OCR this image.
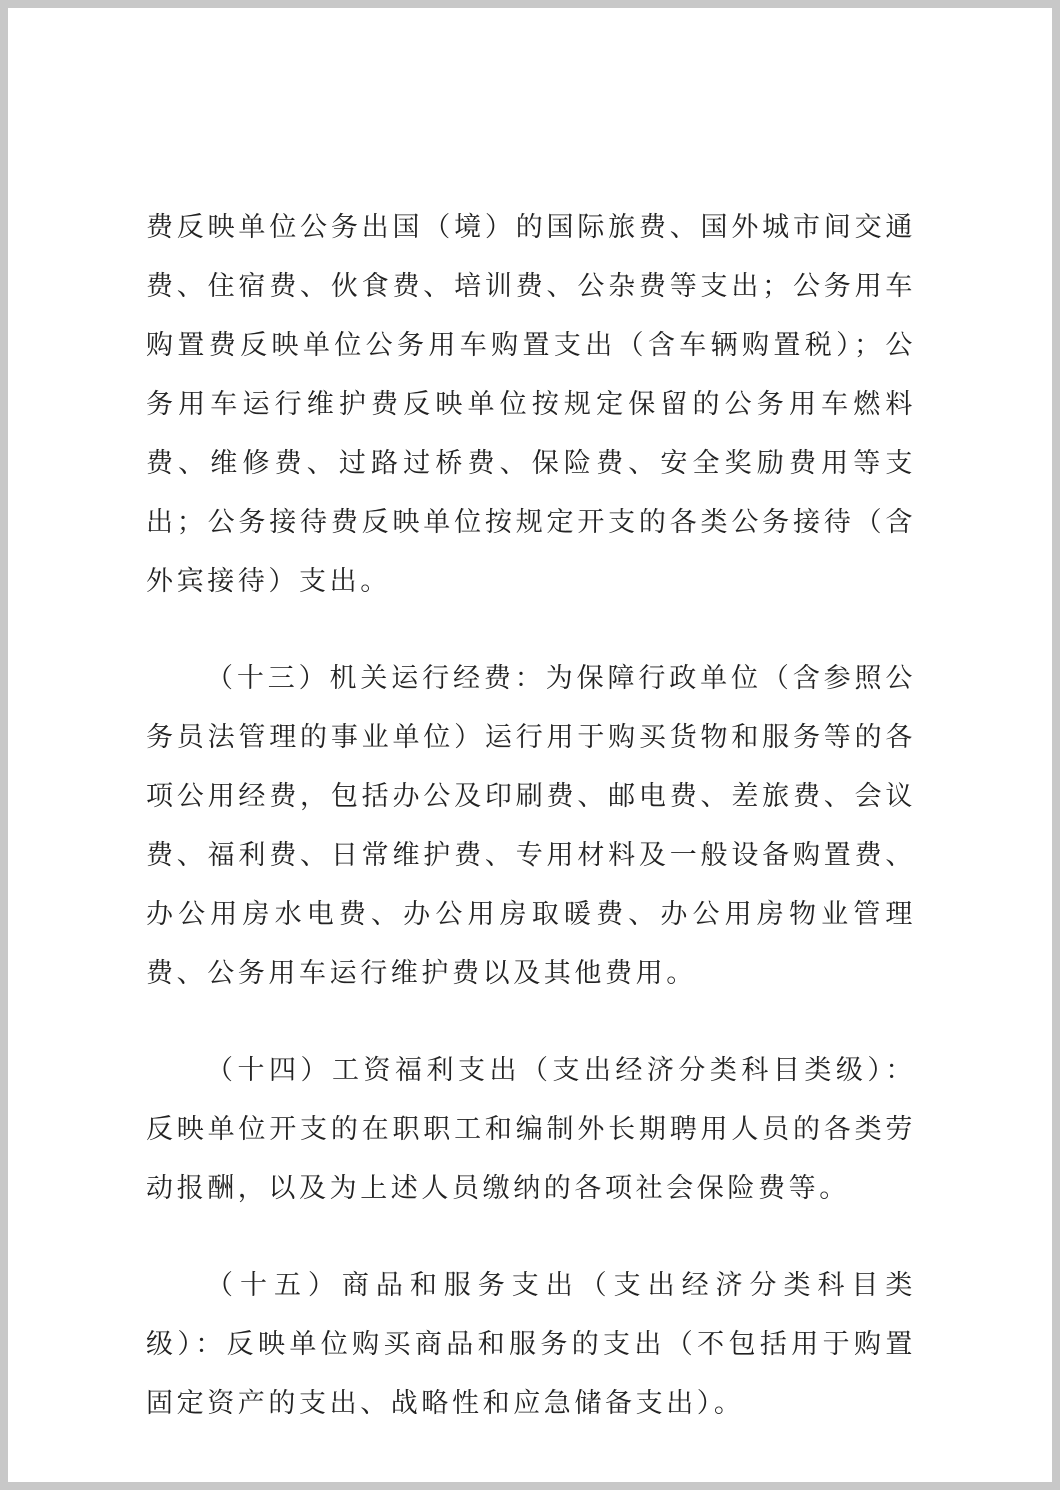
费反映单位公务出国（境）的国际旅费、国外城市间交通费、住宿费、伙食费、培训费、公杂费等支出；公务用车购置费反映单位公务用车购置支出（含车辆购置税）；公务用车运行维护费反映单位按规定保留的公务用车燃料费、维修费、过路过桥费、保险费、安全奖励费用等支出；公务接待费反映单位按规定开支的各类公务接待（含外宾接待）支出。

（十三）机关运行经费：为保障行政单位（含参照公务员法管理的事业单位）运行用于购买货物和服务等的各项公用经费，包括办公及印刷费、邮电费、差旅费、会议费、福利费、日常维护费、专用材料及一般设备购置费、办公用房水电费、办公用房取暖费、办公用房物业管理费、公务用车运行维护费以及其他费用。

（十四）工资福利支出（支出经济分类科目类级）：反映单位开支的在职职工和编制外长期聘用人员的各类劳动报酬，以及为上述人员缴纳的各项社会保险费等。

（十五）商品和服务支出（支出经济分类科目类级）：反映单位购买商品和服务的支出（不包括用于购置固定资产的支出、战略性和应急储备支出）。
